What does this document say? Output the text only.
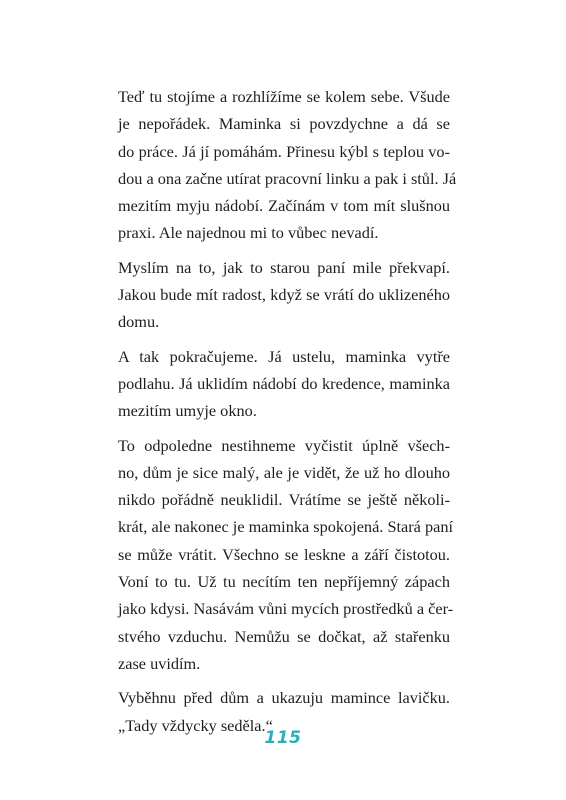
Teď tu stojíme a rozhlížíme se kolem sebe. Všude
je nepořádek. Maminka si povzdychne a dá se
do práce. Já jí pomáhám. Přinesu kýbl s teplou vo-
dou a ona začne utírat pracovní linku a pak i stůl. Já
mezitím myju nádobí. Začínám v tom mít slušnou
praxi. Ale najednou mi to vůbec nevadí.
Myslím na to, jak to starou paní mile překvapí.
Jakou bude mít radost, když se vrátí do uklizeného
domu.
A tak pokračujeme. Já ustelu, maminka vytře
podlahu. Já uklidím nádobí do kredence, maminka
mezitím umyje okno.
To odpoledne nestihneme vyčistit úplně všech-
no, dům je sice malý, ale je vidět, že už ho dlouho
nikdo pořádně neuklidil. Vrátíme se ještě několi-
krát, ale nakonec je maminka spokojená. Stará paní
se může vrátit. Všechno se leskne a září čistotou.
Voní to tu. Už tu necítím ten nepříjemný zápach
jako kdysi. Nasávám vůni mycích prostředků a čer-
stvého vzduchu. Nemůžu se dočkat, až stařenku
zase uvidím.
Vyběhnu před dům a ukazuju mamince lavičku.
„Tady vždycky seděla.“
115
